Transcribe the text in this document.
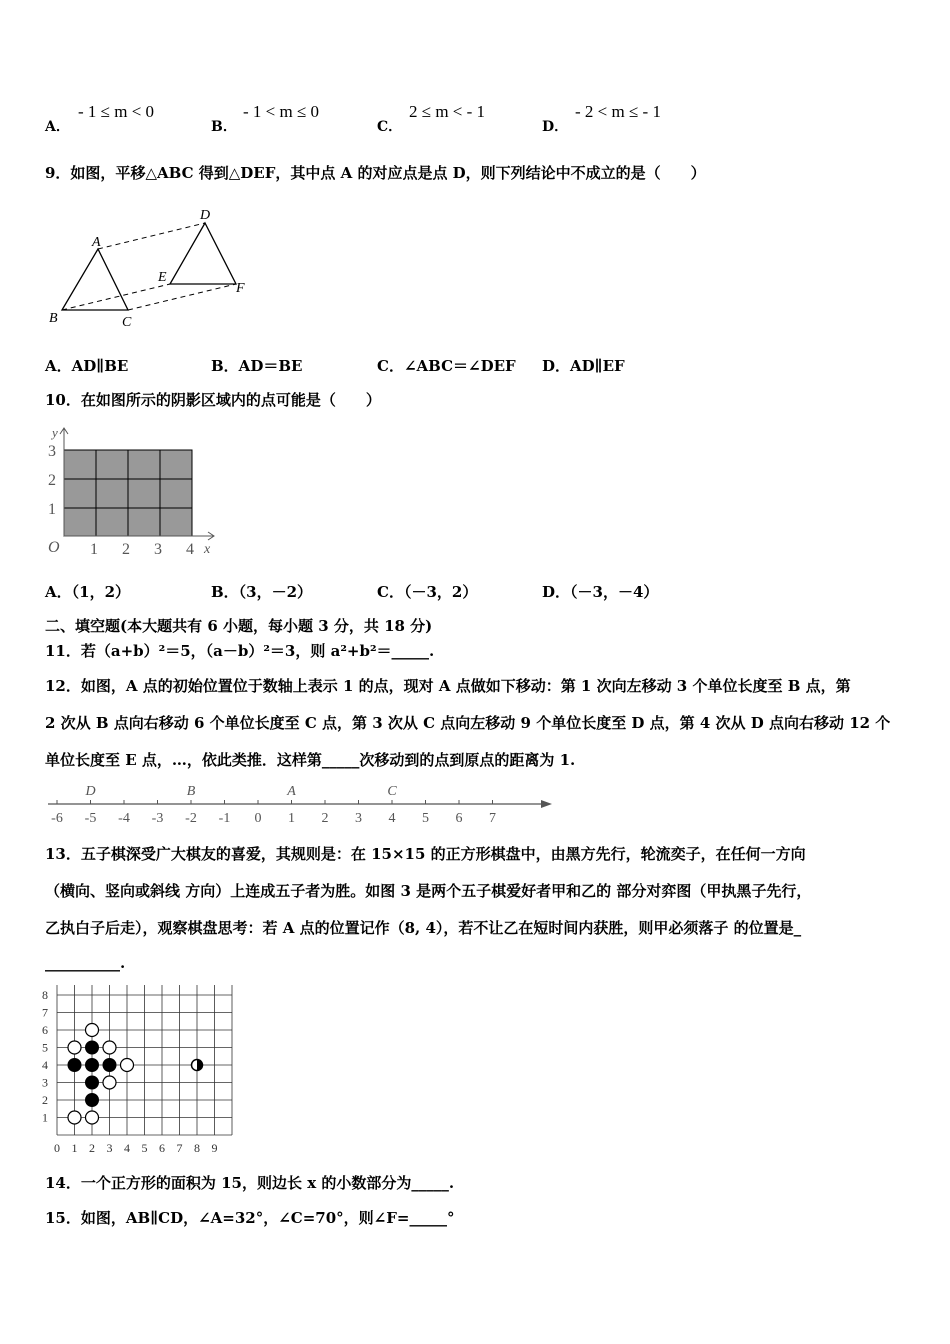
A．
- 1 ≤ m < 0
B．
- 1 < m ≤ 0
C．
2 ≤ m < - 1
D．
- 2 < m ≤ - 1
9．如图，平移△ABC 得到△DEF，其中点 A 的对应点是点 D，则下列结论中不成立的是（　　）
A
B	C
D
E
F
A．AD∥BE	B．AD＝BE	C．∠ABC＝∠DEF D．AD∥EF
10．在如图所示的阴影区域内的点可能是（　　）
y
x
O 1 2 3 4
1
2
3
A．（1，2）	B．（3，－2）	C．（－3，2）	D．（－3，－4）
二、填空题(本大题共有 6 小题，每小题 3 分，共 18 分)
11．若（a+b）²＝5，（a－b）²＝3，则 a²+b²＝_____.
12．如图，A 点的初始位置位于数轴上表示 1 的点，现对 A 点做如下移动：第 1 次向左移动 3 个单位长度至 B 点，第
2 次从 B 点向右移动 6 个单位长度至 C 点，第 3 次从 C 点向左移动 9 个单位长度至 D 点，第 4 次从 D 点向右移动 12 个
单位长度至 E 点，…，依此类推．这样第_____次移动到的点到原点的距离为 1.
-6 -5 -4 -3 -2 -1 0 1 2 3 4 5 6 7
D	B	A	C
13．五子棋深受广大棋友的喜爱，其规则是：在 15×15 的正方形棋盘中，由黑方先行，轮流奕子，在任何一方向
（横向、竖向或斜线 方向）上连成五子者为胜。如图 3 是两个五子棋爱好者甲和乙的 部分对弈图（甲执黑子先行，
乙执白子后走），观察棋盘思考：若 A 点的位置记作（8, 4），若不让乙在短时间内获胜，则甲必须落子 的位置是_
__________.
0 1 2 3 4 5 6 7 8 9
1
2
3
4
5
6
7
8
14．一个正方形的面积为 15，则边长 x 的小数部分为_____.
15．如图，AB∥CD，∠A=32°，∠C=70°，则∠F=_____°
